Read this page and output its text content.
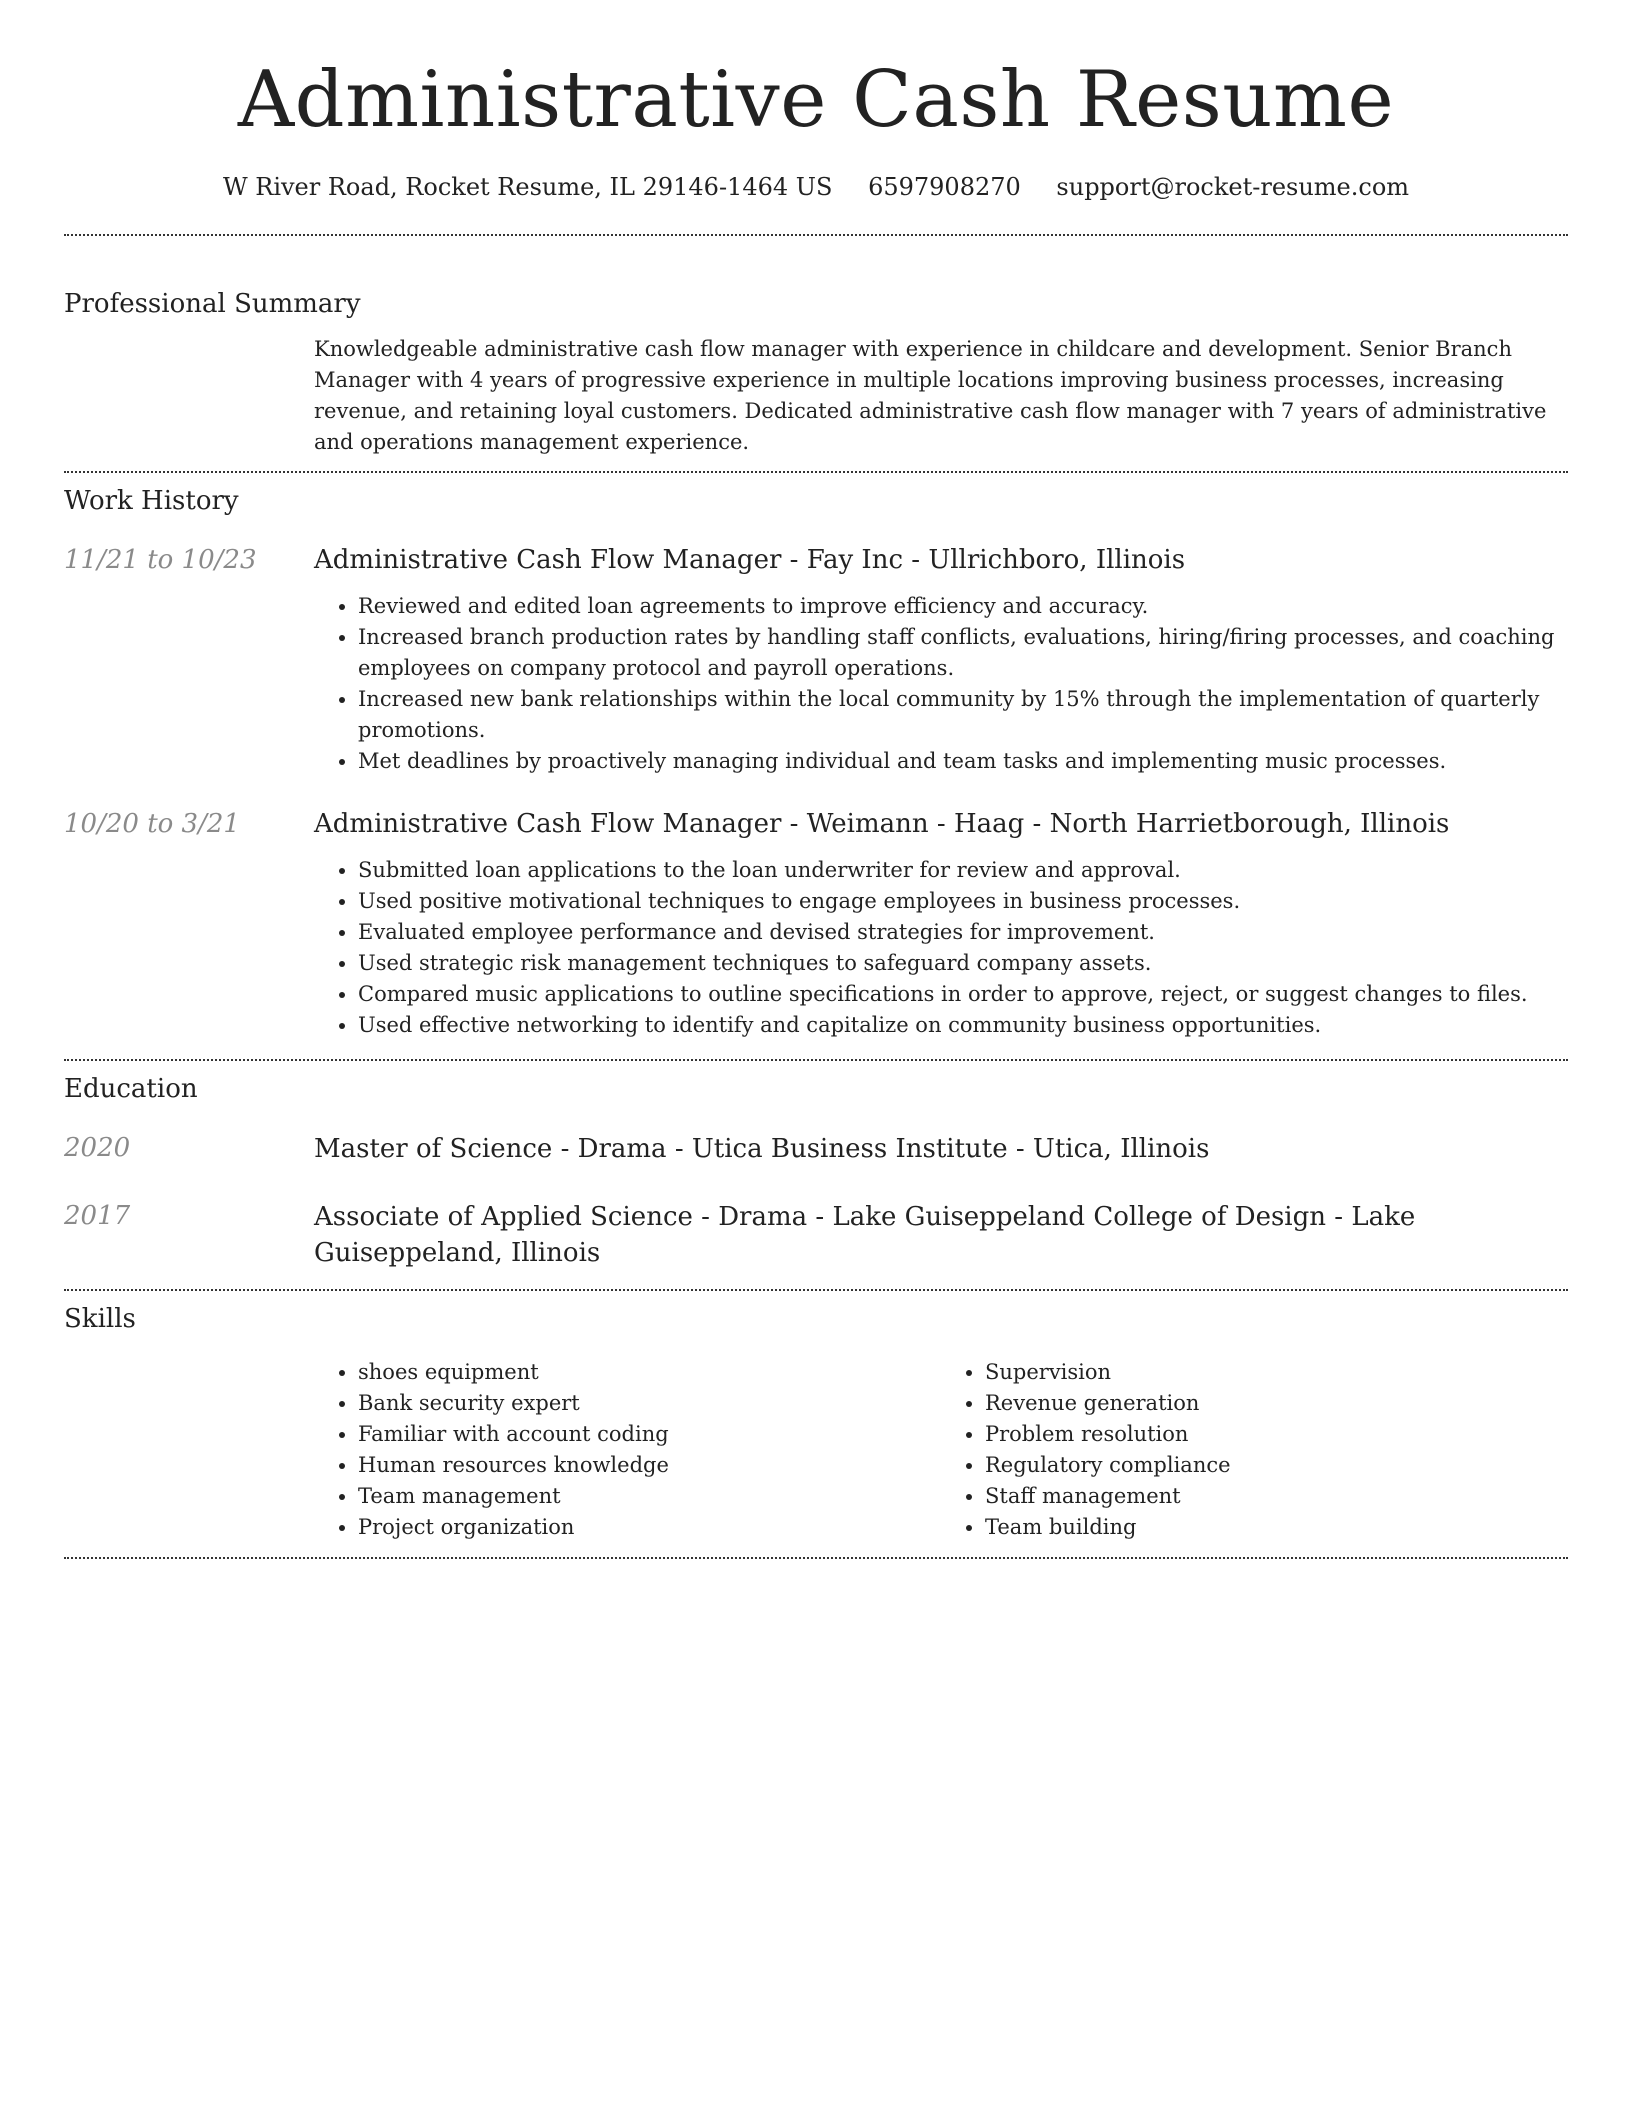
Administrative Cash Resume
W River Road, Rocket Resume, IL 29146-1464 US 6597908270 support@rocket-resume.com
Professional Summary

Knowledgeable administrative cash flow manager with experience in childcare and development. Senior Branch Manager with 4 years of progressive experience in multiple locations improving business processes, increasing revenue, and retaining loyal customers. Dedicated administrative cash flow manager with 7 years of administrative and operations management experience.

Work History
11/21 to 10/23	Administrative Cash Flow Manager - Fay Inc - Ullrichboro, Illinois

• Reviewed and edited loan agreements to improve efficiency and accuracy.
• Increased branch production rates by handling staff conflicts, evaluations, hiring/firing processes, and coaching employees on company protocol and payroll operations.
• Increased new bank relationships within the local community by 15% through the implementation of quarterly promotions.
• Met deadlines by proactively managing individual and team tasks and implementing music processes.
10/20 to 3/21	Administrative Cash Flow Manager - Weimann - Haag - North Harrietborough, Illinois

• Submitted loan applications to the loan underwriter for review and approval.
• Used positive motivational techniques to engage employees in business processes.
• Evaluated employee performance and devised strategies for improvement.
• Used strategic risk management techniques to safeguard company assets.
• Compared music applications to outline specifications in order to approve, reject, or suggest changes to files.
• Used effective networking to identify and capitalize on community business opportunities.
Education
2020	Master of Science - Drama - Utica Business Institute - Utica, Illinois

2017	Associate of Applied Science - Drama - Lake Guiseppeland College of Design - Lake Guiseppeland, Illinois

Skills
• shoes equipment
• Bank security expert
• Familiar with account coding
• Human resources knowledge
• Team management
• Project organization
• Supervision
• Revenue generation
• Problem resolution
• Regulatory compliance
• Staff management
• Team building
